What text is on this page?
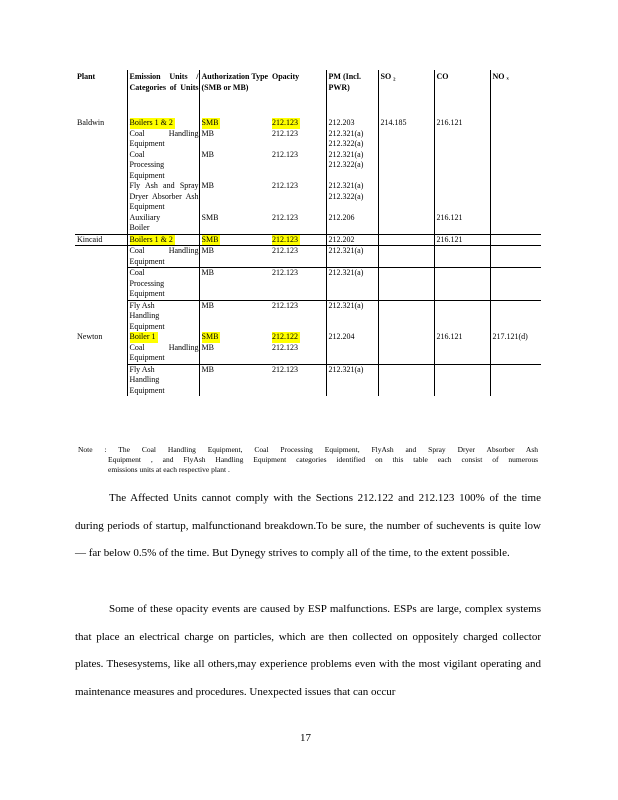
Plant	Emission Units / Categories of Units	Authorization Type (SMB or MB)	Opacity	PM (Incl. PWR)	SO ₂	CO	NO ₓ
Baldwin	Boilers 1 & 2	SMB	212.123	212.203	214.185	216.121	

	Coal Handling Equipment	MB	212.123	212.321(a)
212.322(a)			

	Coal Processing Equipment	MB	212.123	212.321(a)
212.322(a)			

	Fly Ash and Spray Dryer Absorber Ash Equipment	MB	212.123	212.321(a)
212.322(a)			

	Auxiliary Boiler	SMB	212.123	212.206		216.121	
Kincaid	Boilers 1 & 2	SMB	212.123	212.202		216.121	

	Coal Handling Equipment	MB	212.123	212.321(a)			

	Coal Processing Equipment	MB	212.123	212.321(a)			

	Fly Ash Handling Equipment	MB	212.123	212.321(a)			
Newton	Boiler 1	SMB	212.122	212.204		216.121	217.121(d)

	Coal Handling Equipment	MB	212.123				

	Fly Ash Handling Equipment	MB	212.123	212.321(a)			
Note : The Coal Handling Equipment, Coal Processing Equipment, FlyAsh and Spray Dryer Absorber Ash
Equipment , and FlyAsh Handling Equipment categories identified on this table each consist of numerous
emissions units at each respective plant .

The Affected Units cannot comply with the Sections 212.122 and 212.123 100% of the time during periods of startup, malfunctionand breakdown.To be sure, the number of suchevents is quite low — far below 0.5% of the time. But Dynegy strives to comply all of the time, to the extent possible.

Some of these opacity events are caused by ESP malfunctions. ESPs are large, complex systems that place an electrical charge on particles, which are then collected on oppositely charged collector plates. Thesesystems, like all others,may experience problems even with the most vigilant operating and maintenance measures and procedures. Unexpected issues that can occur

17
